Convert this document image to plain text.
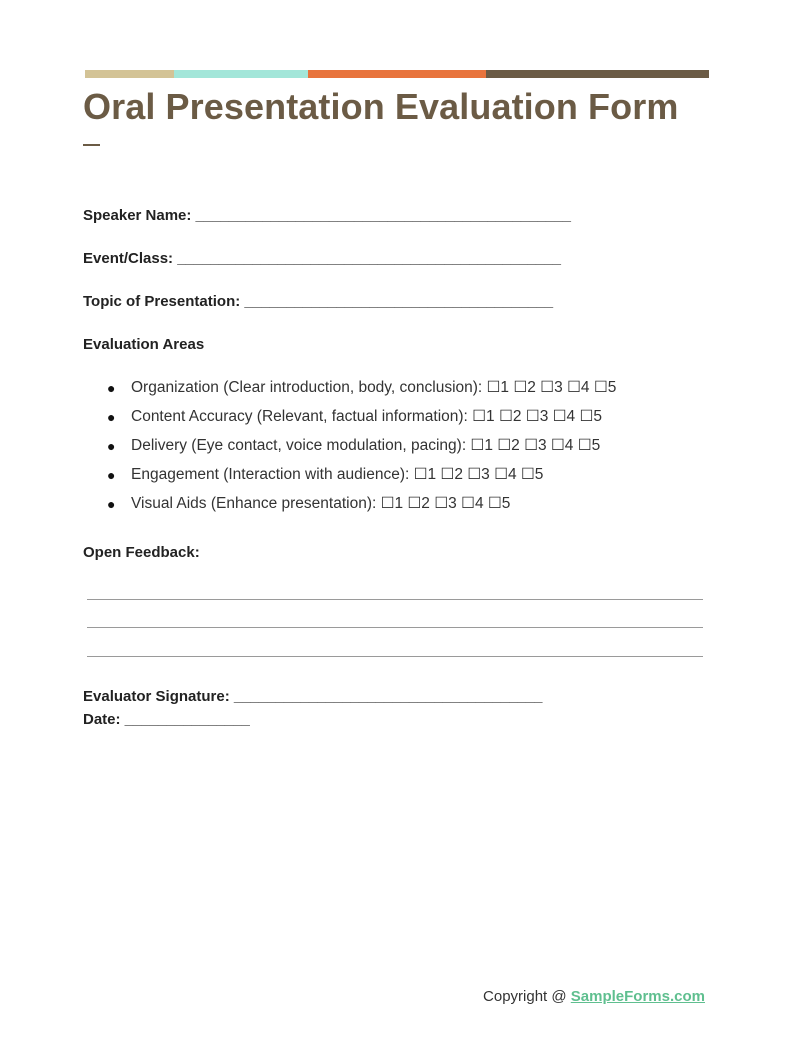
Oral Presentation Evaluation Form
Speaker Name: _____________________________________________
Event/Class: ______________________________________________
Topic of Presentation: _____________________________________
Evaluation Areas
●	Organization (Clear introduction, body, conclusion): ☐1 ☐2 ☐3 ☐4 ☐5
●	Content Accuracy (Relevant, factual information): ☐1 ☐2 ☐3 ☐4 ☐5
●	Delivery (Eye contact, voice modulation, pacing): ☐1 ☐2 ☐3 ☐4 ☐5
●	Engagement (Interaction with audience): ☐1 ☐2 ☐3 ☐4 ☐5
●	Visual Aids (Enhance presentation): ☐1 ☐2 ☐3 ☐4 ☐5
Open Feedback:
Evaluator Signature: _____________________________________
Date: _______________
Copyright @ SampleForms.com
